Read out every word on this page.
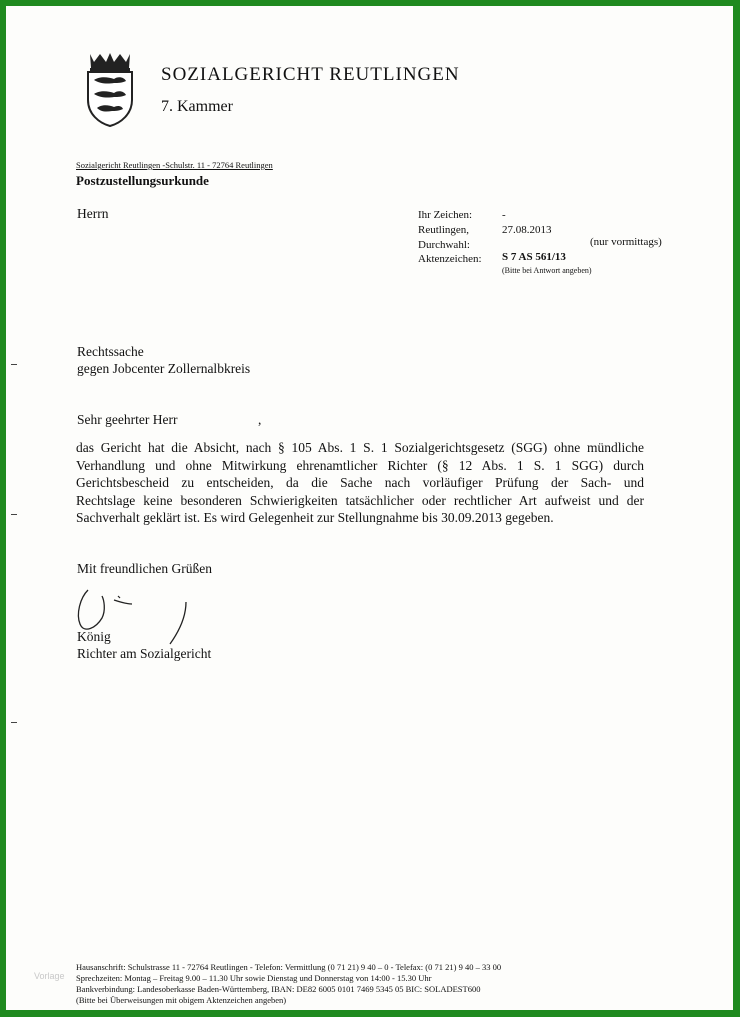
SOZIALGERICHT REUTLINGEN
7. Kammer
Sozialgericht Reutlingen -Schulstr. 11 - 72764 Reutlingen
Postzustellungsurkunde
Herrn	Ihr Zeichen:	-
Reutlingen,	27.08.2013
Durchwahl:	(nur vormittags)
Aktenzeichen: S 7 AS 561/13
(Bitte bei Antwort angeben)
Rechtssache
gegen Jobcenter Zollernalbkreis
Sehr geehrter Herr	,
das Gericht hat die Absicht, nach § 105 Abs. 1 S. 1 Sozialgerichtsgesetz (SGG) ohne mündliche
Verhandlung und ohne Mitwirkung ehrenamtlicher Richter (§ 12 Abs. 1 S. 1 SGG) durch
Gerichtsbescheid zu entscheiden, da die Sache nach vorläufiger Prüfung der Sach- und
Rechtslage keine besonderen Schwierigkeiten tatsächlicher oder rechtlicher Art aufweist und der
Sachverhalt geklärt ist. Es wird Gelegenheit zur Stellungnahme bis 30.09.2013 gegeben.
Mit freundlichen Grüßen
König
Richter am Sozialgericht
Hausanschrift: Schulstrasse 11 - 72764 Reutlingen - Telefon: Vermittlung (0 71 21) 9 40 – 0 - Telefax: (0 71 21) 9 40 – 33 00
Sprechzeiten: Montag – Freitag 9.00 – 11.30 Uhr sowie Dienstag und Donnerstag von 14:00 - 15.30 Uhr
Bankverbindung: Landesoberkasse Baden-Württemberg, IBAN: DE82 6005 0101 7469 5345 05 BIC: SOLADEST600
(Bitte bei Überweisungen mit obigem Aktenzeichen angeben)
Vorlage
